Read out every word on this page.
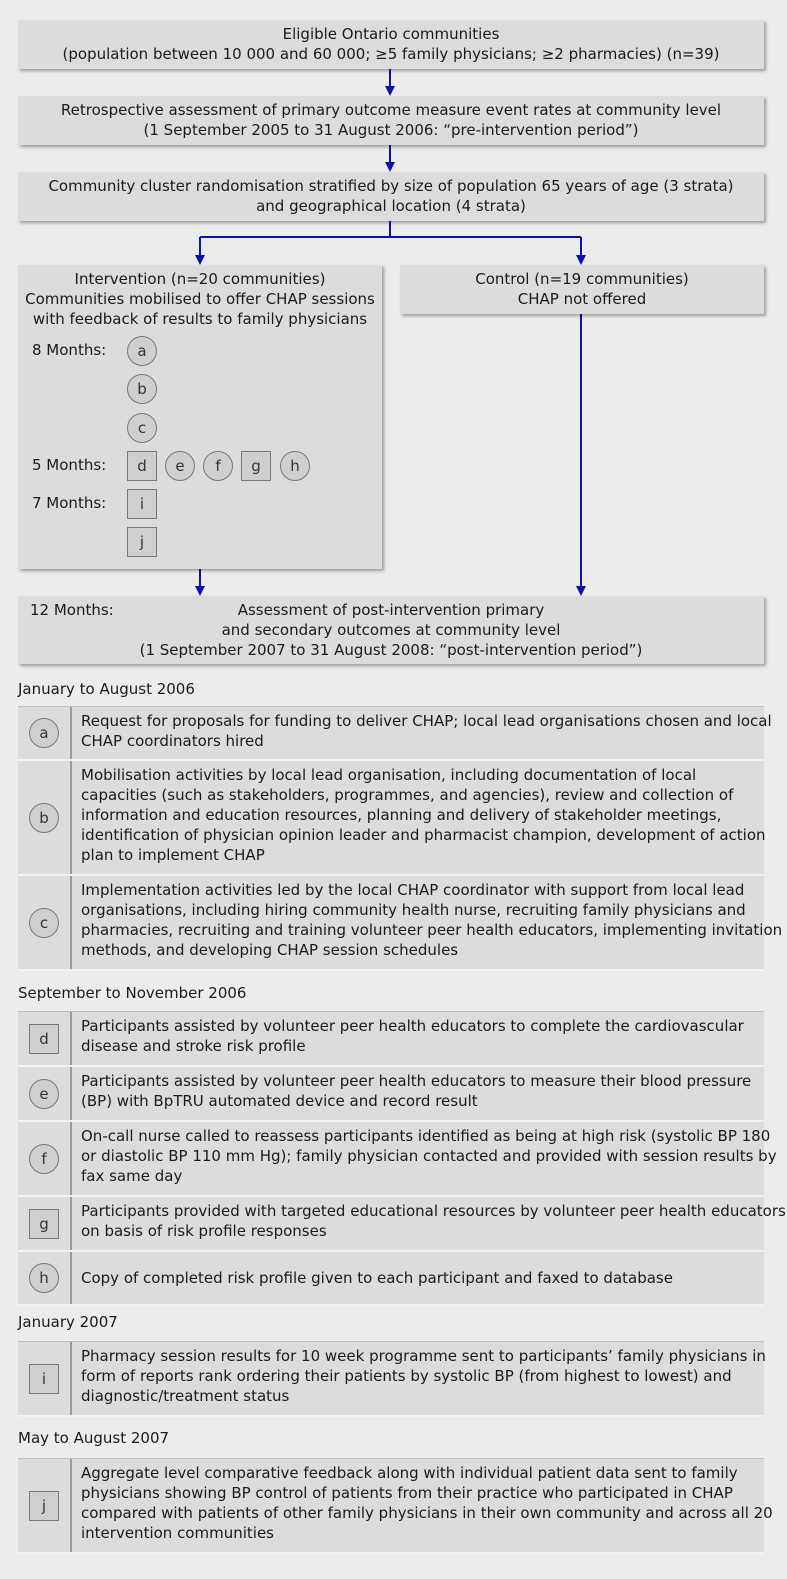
Eligible Ontario communities
(population between 10 000 and 60 000; ≥5 family physicians; ≥2 pharmacies) (n=39)
Retrospective assessment of primary outcome measure event rates at community level
(1 September 2005 to 31 August 2006: “pre-intervention period”)
Community cluster randomisation stratified by size of population 65 years of age (3 strata)
and geographical location (4 strata)
Intervention (n=20 communities)
Communities mobilised to offer CHAP sessions
with feedback of results to family physicians
Control (n=19 communities)
CHAP not offered
8 Months:	a
b
c
5 Months:	d	e	f	g	h
7 Months:	i
j
12 Months:	Assessment of post-intervention primary
and secondary outcomes at community level
(1 September 2007 to 31 August 2008: “post-intervention period”)
January to August 2006
a
Request for proposals for funding to deliver CHAP; local lead organisations chosen and local
CHAP coordinators hired
b
Mobilisation activities by local lead organisation, including documentation of local
capacities (such as stakeholders, programmes, and agencies), review and collection of
information and education resources, planning and delivery of stakeholder meetings,
identification of physician opinion leader and pharmacist champion, development of action
plan to implement CHAP
c
Implementation activities led by the local CHAP coordinator with support from local lead
organisations, including hiring community health nurse, recruiting family physicians and
pharmacies, recruiting and training volunteer peer health educators, implementing invitation
methods, and developing CHAP session schedules
September to November 2006
d
Participants assisted by volunteer peer health educators to complete the cardiovascular
disease and stroke risk profile
e
Participants assisted by volunteer peer health educators to measure their blood pressure
(BP) with BpTRU automated device and record result
f
On-call nurse called to reassess participants identified as being at high risk (systolic BP 180
or diastolic BP 110 mm Hg); family physician contacted and provided with session results by
fax same day
g
Participants provided with targeted educational resources by volunteer peer health educators
on basis of risk profile responses
h	Copy of completed risk profile given to each participant and faxed to database
January 2007
i
Pharmacy session results for 10 week programme sent to participants’ family physicians in
form of reports rank ordering their patients by systolic BP (from highest to lowest) and
diagnostic/treatment status
May to August 2007
j
Aggregate level comparative feedback along with individual patient data sent to family
physicians showing BP control of patients from their practice who participated in CHAP
compared with patients of other family physicians in their own community and across all 20
intervention communities
